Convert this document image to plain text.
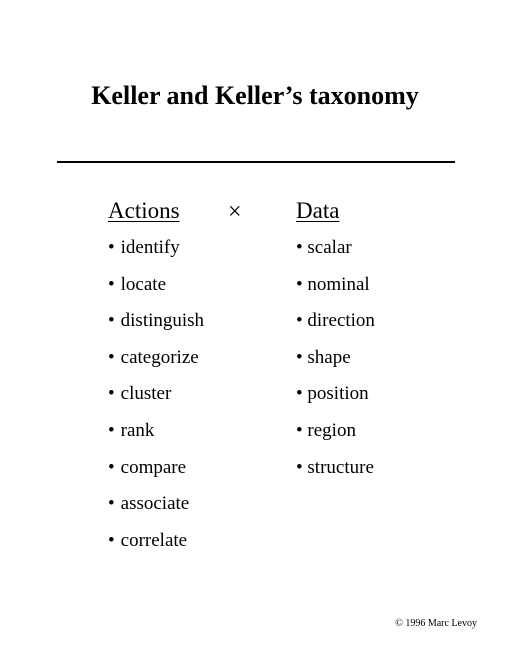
Keller and Keller’s taxonomy
Actions × Data
• identify
• locate
• distinguish
• categorize
• cluster
• rank
• compare
• associate
• correlate
• scalar
• nominal
• direction
• shape
• position
• region
• structure
© 1996 Marc Levoy
